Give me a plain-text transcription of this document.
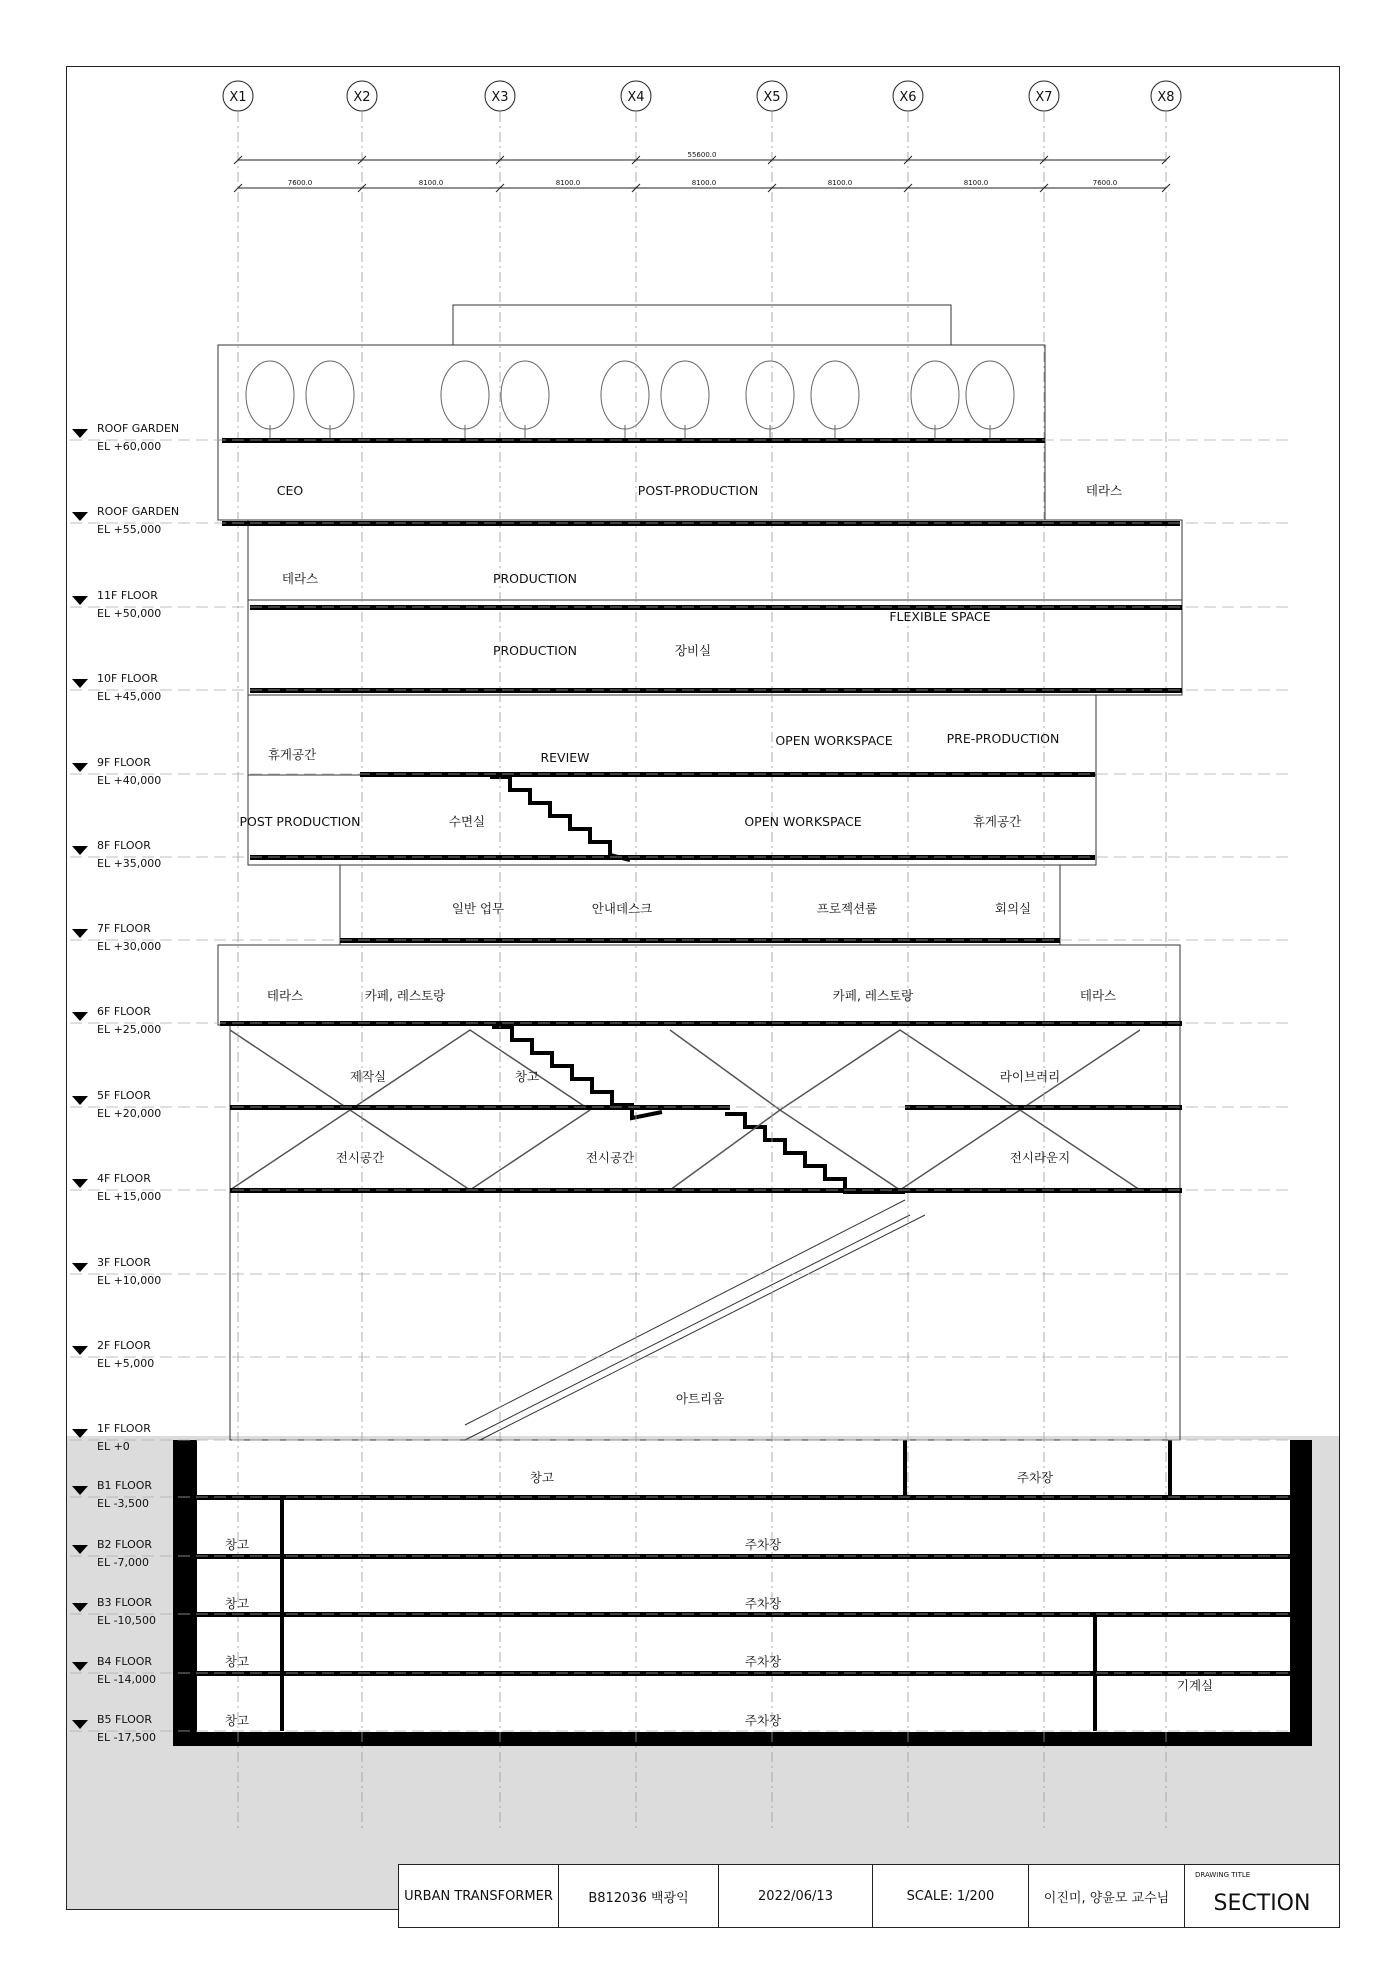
X1	X2	X3	X4	X5	X6	X7	X8
55600.0
7600.0	8100.0	8100.0	8100.0	8100.0	8100.0	7600.0
ROOF GARDEN
EL +60,000
ROOF GARDEN
EL +55,000
11F FLOOR
EL +50,000
10F FLOOR
EL +45,000
9F FLOOR
EL +40,000
8F FLOOR
EL +35,000
7F FLOOR
EL +30,000
6F FLOOR
EL +25,000
5F FLOOR
EL +20,000
4F FLOOR
EL +15,000
3F FLOOR
EL +10,000
2F FLOOR
EL +5,000
1F FLOOR
EL +0
B1 FLOOR
EL -3,500
B2 FLOOR
EL -7,000
B3 FLOOR
EL -10,500
B4 FLOOR
EL -14,000
B5 FLOOR
EL -17,500
CEO	POST-PRODUCTION	테라스
테라스	PRODUCTION
FLEXIBLE SPACE
PRODUCTION	장비실
휴게공간	REVIEW
OPEN WORKSPACE	PRE-PRODUCTION
POST PRODUCTION	수면실	OPEN WORKSPACE	휴게공간
일반 업무	안내데스크	프로젝션룸	회의실
테라스	카페, 레스토랑	카페, 레스토랑	테라스
제작실	창고	라이브러리
전시공간	전시공간	전시라운지
아트리움
창고	주차장
창고	주차장
창고	주차장
창고	주차장
기계실
창고	주차장
URBAN TRANSFORMER	B812036 백광익	2022/06/13	SCALE: 1/200	이진미, 양윤모 교수님
DRAWING TITLE
SECTION
